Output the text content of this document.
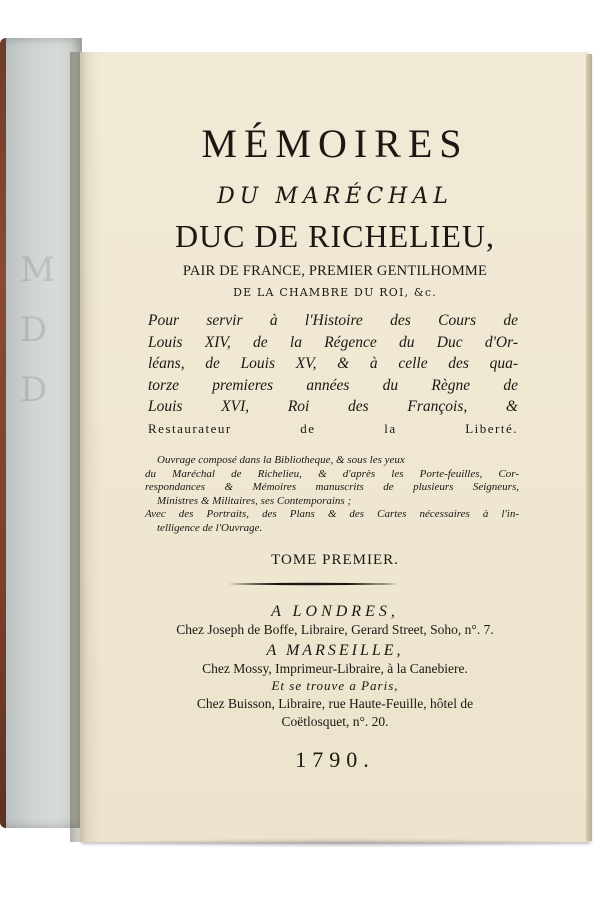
M
D
D
MÉMOIRES
DU MARÉCHAL
DUC DE RICHELIEU,
PAIR DE FRANCE, PREMIER GENTILHOMME
DE LA CHAMBRE DU ROI, &c.
Pour servir à l'Histoire des Cours de
Louis XIV, de la Régence du Duc d'Or-
léans, de Louis XV, & à celle des qua-
torze premieres années du Règne de
Louis XVI, Roi des François, &
Restaurateur de la Liberté.
Ouvrage composé dans la Bibliotheque, & sous les yeux
du Maréchal de Richelieu, & d'après les Porte-feuilles, Cor-
respondances & Mémoires manuscrits de plusieurs Seigneurs,
Ministres & Militaires, ses Contemporains ;
Avec des Portraits, des Plans & des Cartes nécessaires à l'in-
telligence de l'Ouvrage.
TOME PREMIER.
A LONDRES,
Chez Joseph de Boffe, Libraire, Gerard Street, Soho, n°. 7.
A MARSEILLE,
Chez Mossy, Imprimeur-Libraire, à la Canebiere.
Et se trouve a Paris,
Chez Buisson, Libraire, rue Haute-Feuille, hôtel de
Coëtlosquet, n°. 20.
1790.
